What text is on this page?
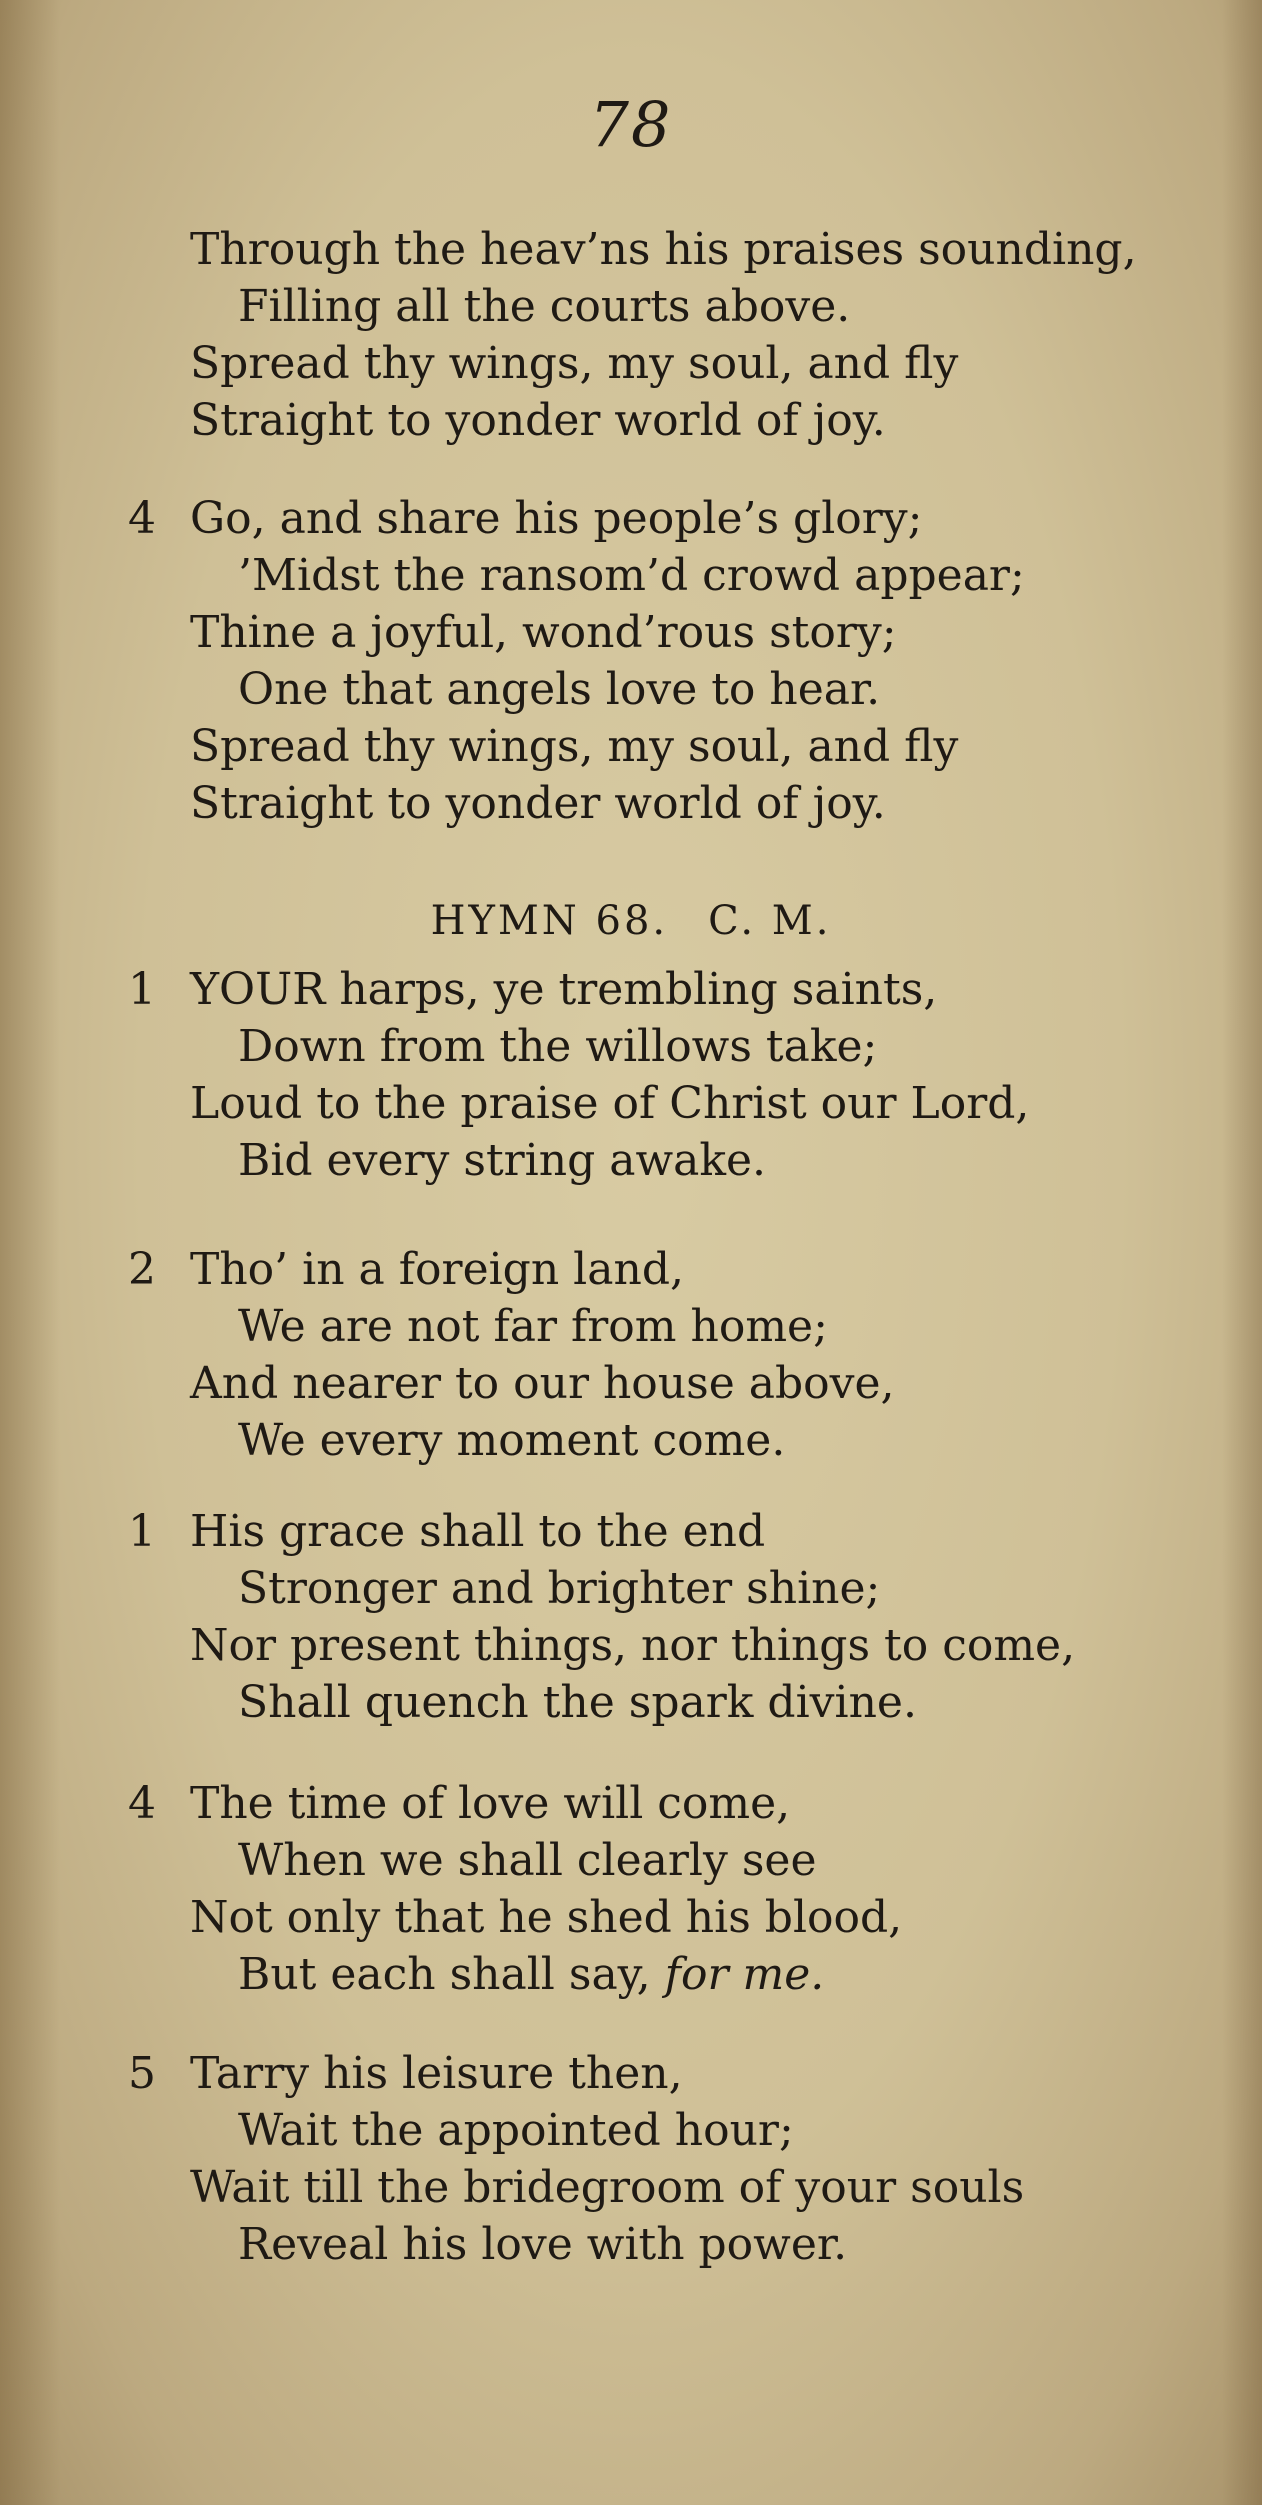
78
Through the heav’ns his praises sounding,
Filling all the courts above.
Spread thy wings, my soul, and fly
Straight to yonder world of joy.
4 Go, and share his people’s glory;
’Midst the ransom’d crowd appear;
Thine a joyful, wond’rous story;
One that angels love to hear.
Spread thy wings, my soul, and fly
Straight to yonder world of joy.
HYMN 68. C. M.
1 YOUR harps, ye trembling saints,
Down from the willows take;
Loud to the praise of Christ our Lord,
Bid every string awake.
2 Tho’ in a foreign land,
We are not far from home;
And nearer to our house above,
We every moment come.
1 His grace shall to the end
Stronger and brighter shine;
Nor present things, nor things to come,
Shall quench the spark divine.
4 The time of love will come,
When we shall clearly see
Not only that he shed his blood,
But each shall say, for me.
5 Tarry his leisure then,
Wait the appointed hour;
Wait till the bridegroom of your souls
Reveal his love with power.
